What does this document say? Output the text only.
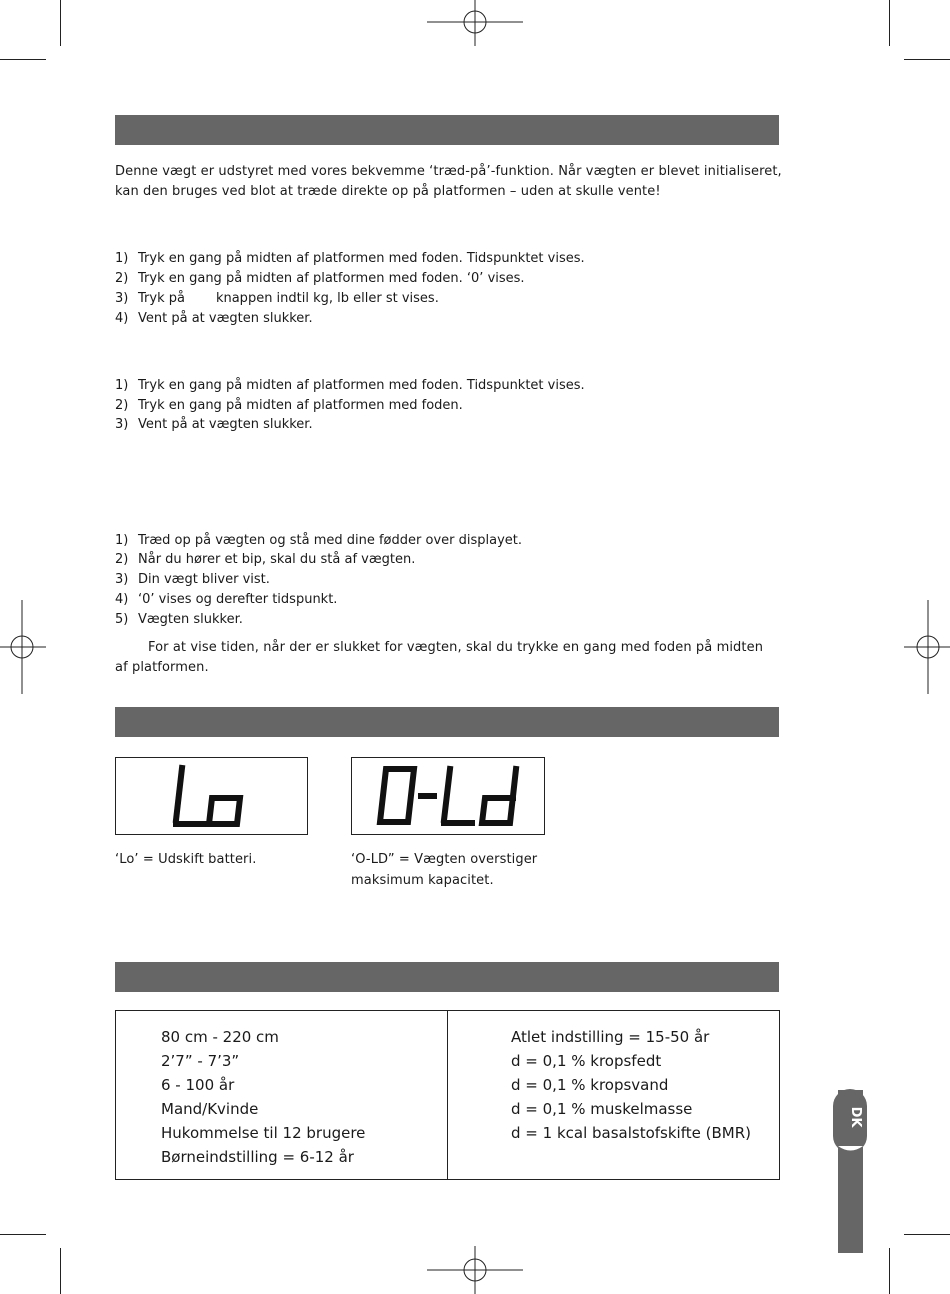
Denne vægt er udstyret med vores bekvemme ‘træd-på’-funktion. Når vægten er blevet initialiseret,
kan den bruges ved blot at træde direkte op på platformen – uden at skulle vente!
1) Tryk en gang på midten af platformen med foden. Tidspunktet vises.
2) Tryk en gang på midten af platformen med foden. ‘0’ vises.
3) Tryk på knappen indtil kg, lb eller st vises.
4) Vent på at vægten slukker.
1) Tryk en gang på midten af platformen med foden. Tidspunktet vises.
2) Tryk en gang på midten af platformen med foden.
3) Vent på at vægten slukker.
1) Træd op på vægten og stå med dine fødder over displayet.
2) Når du hører et bip, skal du stå af vægten.
3) Din vægt bliver vist.
4) ‘0’ vises og derefter tidspunkt.
5) Vægten slukker.
For at vise tiden, når der er slukket for vægten, skal du trykke en gang med foden på midten
af platformen.
‘Lo’ = Udskift batteri.	‘O-LD” = Vægten overstiger
maksimum kapacitet.
80 cm - 220 cm
2’7” - 7’3”
6 - 100 år
Mand/Kvinde
Hukommelse til 12 brugere
Børneindstilling = 6-12 år
Atlet indstilling = 15-50 år
d = 0,1 % kropsfedt
d = 0,1 % kropsvand
d = 0,1 % muskelmasse
d = 1 kcal basalstofskifte (BMR)
DK
